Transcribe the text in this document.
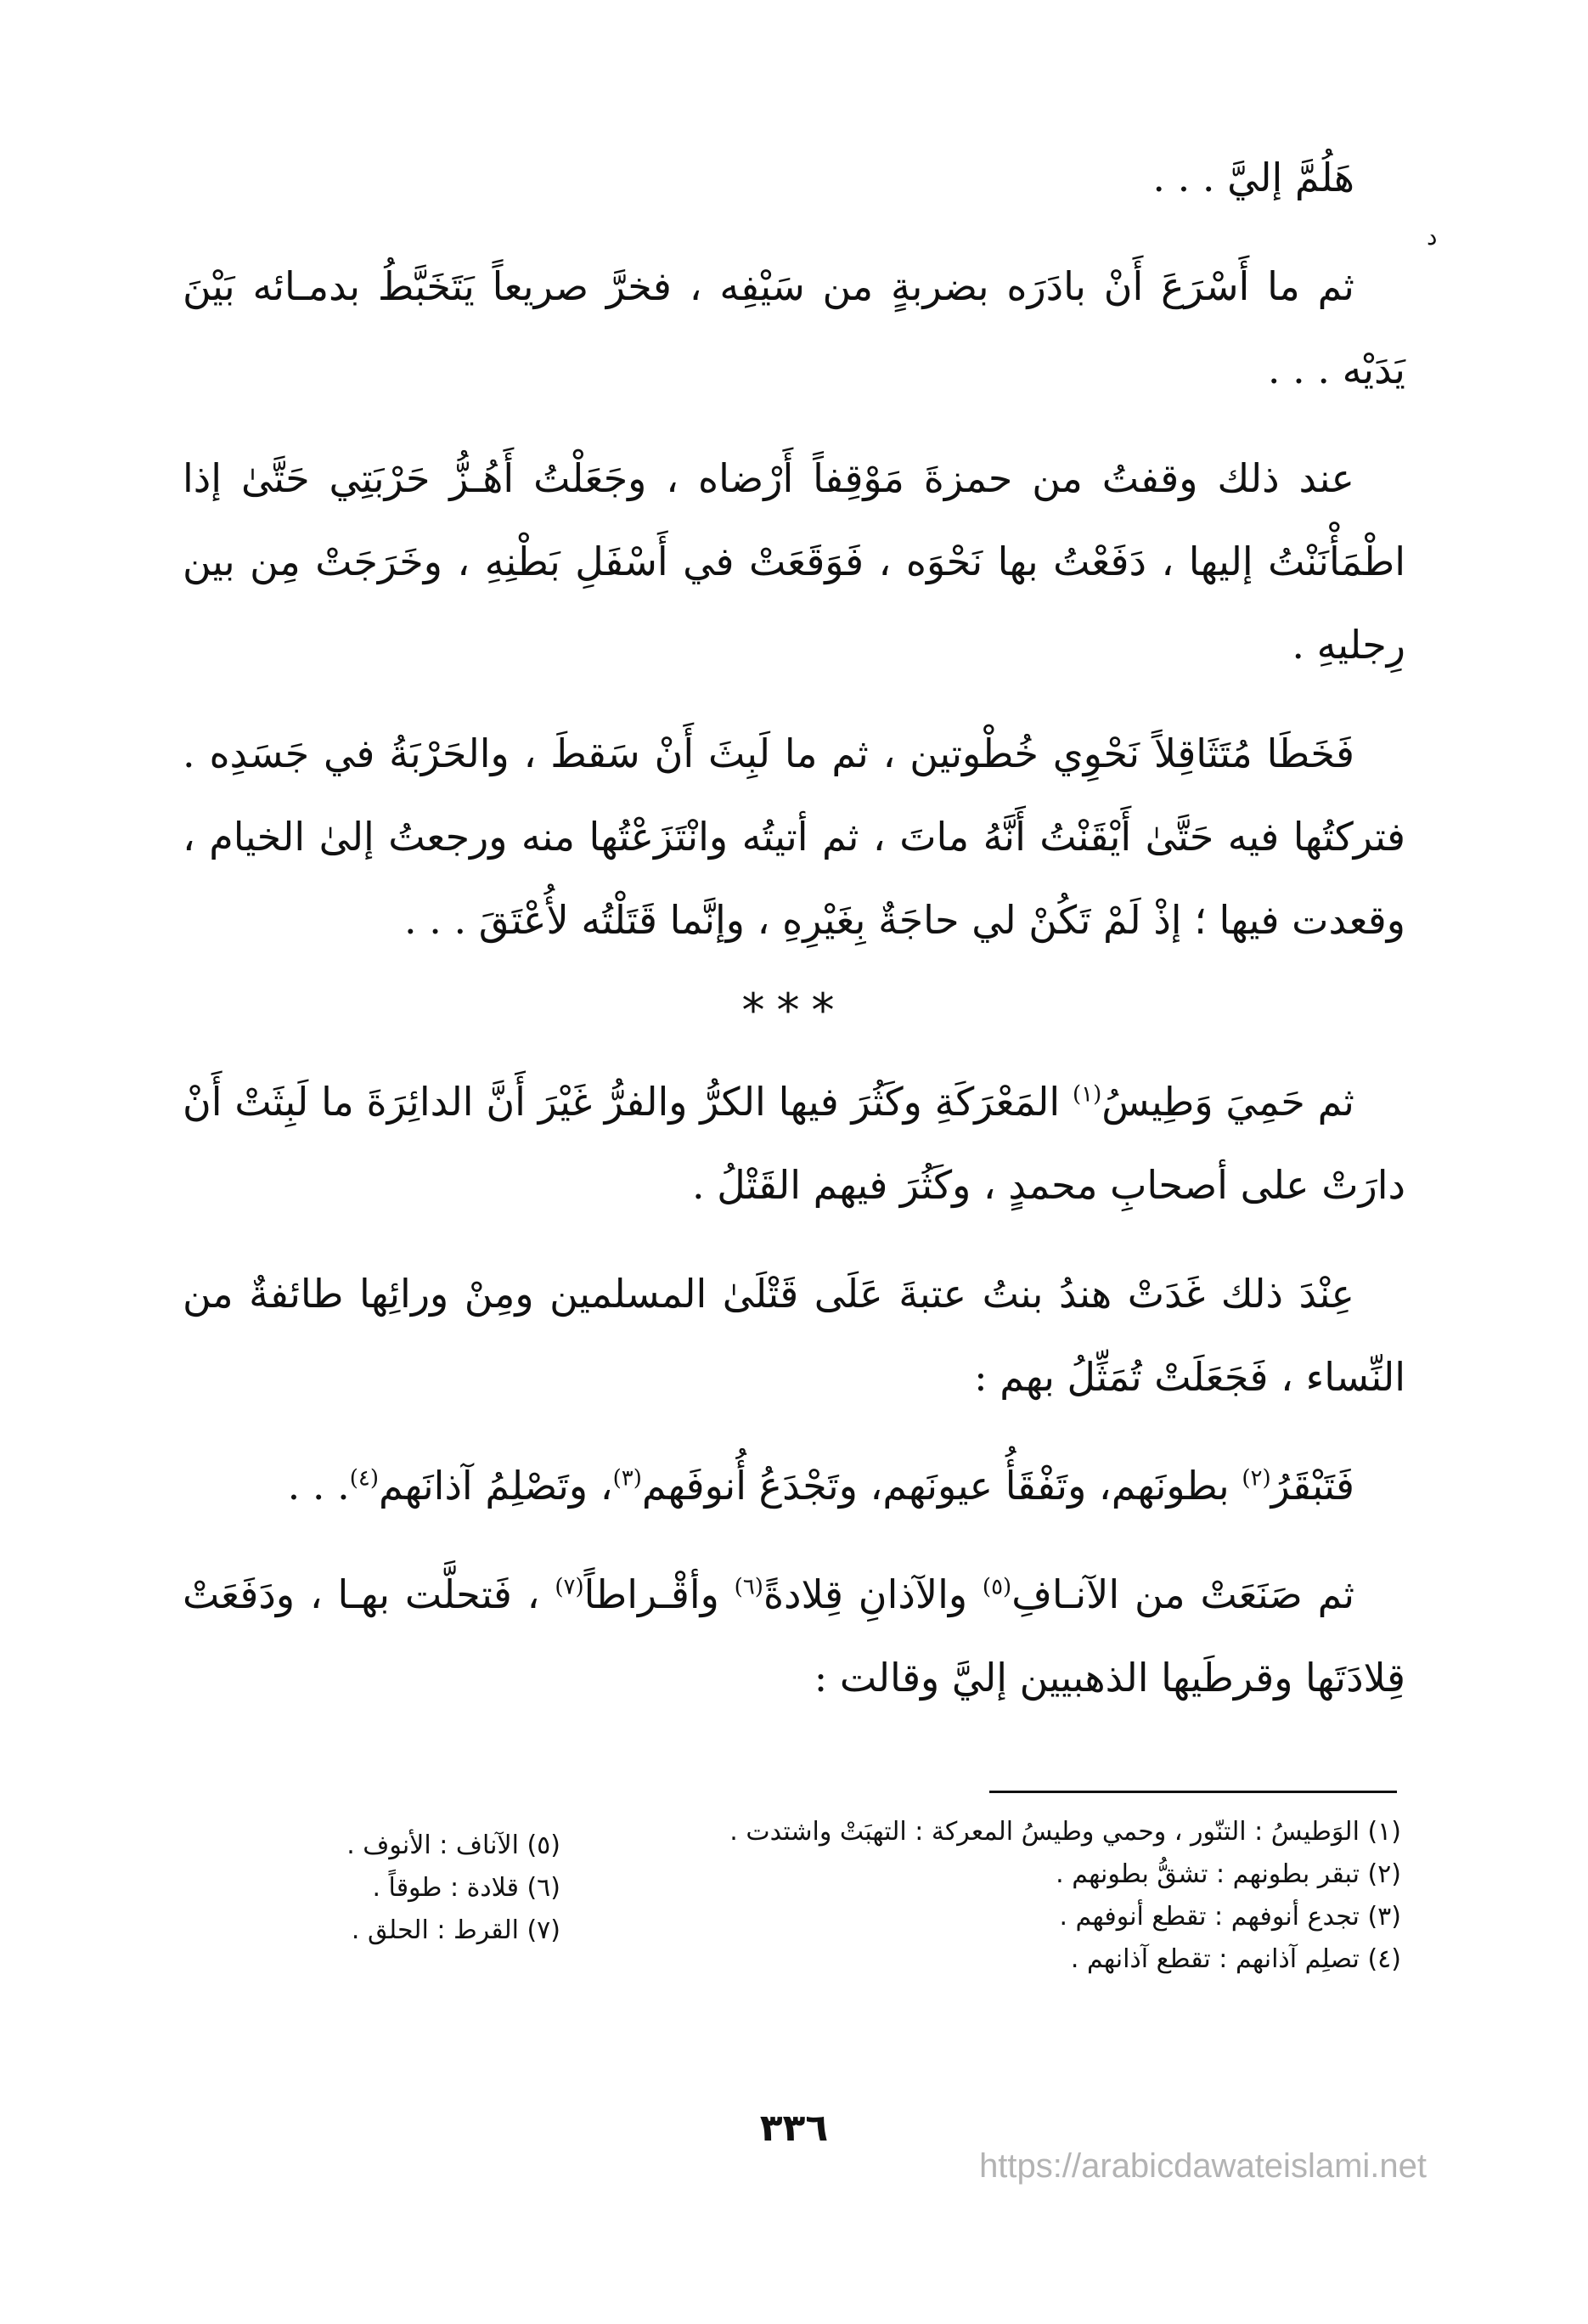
د

هَلُمَّ إليَّ . . .

ثم ما أَسْرَعَ أَنْ بادَرَه بضربةٍ من سَيْفِه ، فخرَّ صريعاً يَتَخَبَّطُ بدمـائه بَيْنَ يَدَيْه . . .

عند ذلك وقفتُ من حمزةَ مَوْقِفاً أَرْضاه ، وجَعَلْتُ أَهُـزُّ حَرْبَتِي حَتَّىٰ إذا اطْمَأْنَنْتُ إليها ، دَفَعْتُ بها نَحْوَه ، فَوَقَعَتْ في أَسْفَلِ بَطْنِهِ ، وخَرَجَتْ مِن بين رِجليهِ .

فَخَطَا مُتَثَاقِلاً نَحْوِي خُطْوتين ، ثم ما لَبِثَ أَنْ سَقطَ ، والحَرْبَةُ في جَسَدِه . فتركتُها فيه حَتَّىٰ أَيْقَنْتُ أَنَّهُ ماتَ ، ثم أتيتُه وانْتَزَعْتُها منه ورجعتُ إلىٰ الخيام ، وقعدت فيها ؛ إذْ لَمْ تَكُنْ لي حاجَةٌ بِغَيْرِهِ ، وإنَّما قَتَلْتُه لأُعْتَقَ . . .

***

ثم حَمِيَ وَطِيسُ$^{(١)}$ المَعْرَكَةِ وكَثُرَ فيها الكرُّ والفرُّ غَيْرَ أَنَّ الدائِرَةَ ما لَبِثَتْ أَنْ دارَتْ على أصحابِ محمدٍ ، وكَثُرَ فيهم القَتْلُ .

عِنْدَ ذلك غَدَتْ هندُ بنتُ عتبةَ عَلَى قَتْلَىٰ المسلمين ومِنْ ورائِها طائفةٌ من النِّساء ، فَجَعَلَتْ تُمَثِّلُ بهم :

فَتَبْقَرُ$^{(٢)}$ بطونَهم، وتَفْقَأُ عيونَهم، وتَجْدَعُ أُنوفَهم$^{(٣)}$، وتَصْلِمُ آذانَهم$^{(٤)}$. . .

ثم صَنَعَتْ من الآنـافِ$^{(٥)}$ والآذانِ قِلادةً$^{(٦)}$ وأقْـراطاً$^{(٧)}$ ، فَتحلَّت بهـا ، ودَفَعَتْ قِلادَتَها وقرطَيها الذهبيين إليَّ وقالت :

(١) الوَطيسُ : التنّور ، وحمي وطيسُ المعركة : التهبَتْ واشتدت .
(٢) تبقر بطونهم : تشقُّ بطونهم .
(٣) تجدع أنوفهم : تقطع أنوفهم .
(٤) تصلِم آذانهم : تقطع آذانهم .
(٥) الآناف : الأنوف .
(٦) قلادة : طوقاً .
(٧) القرط : الحلق .
٣٣٦
https://arabicdawateislami.net
